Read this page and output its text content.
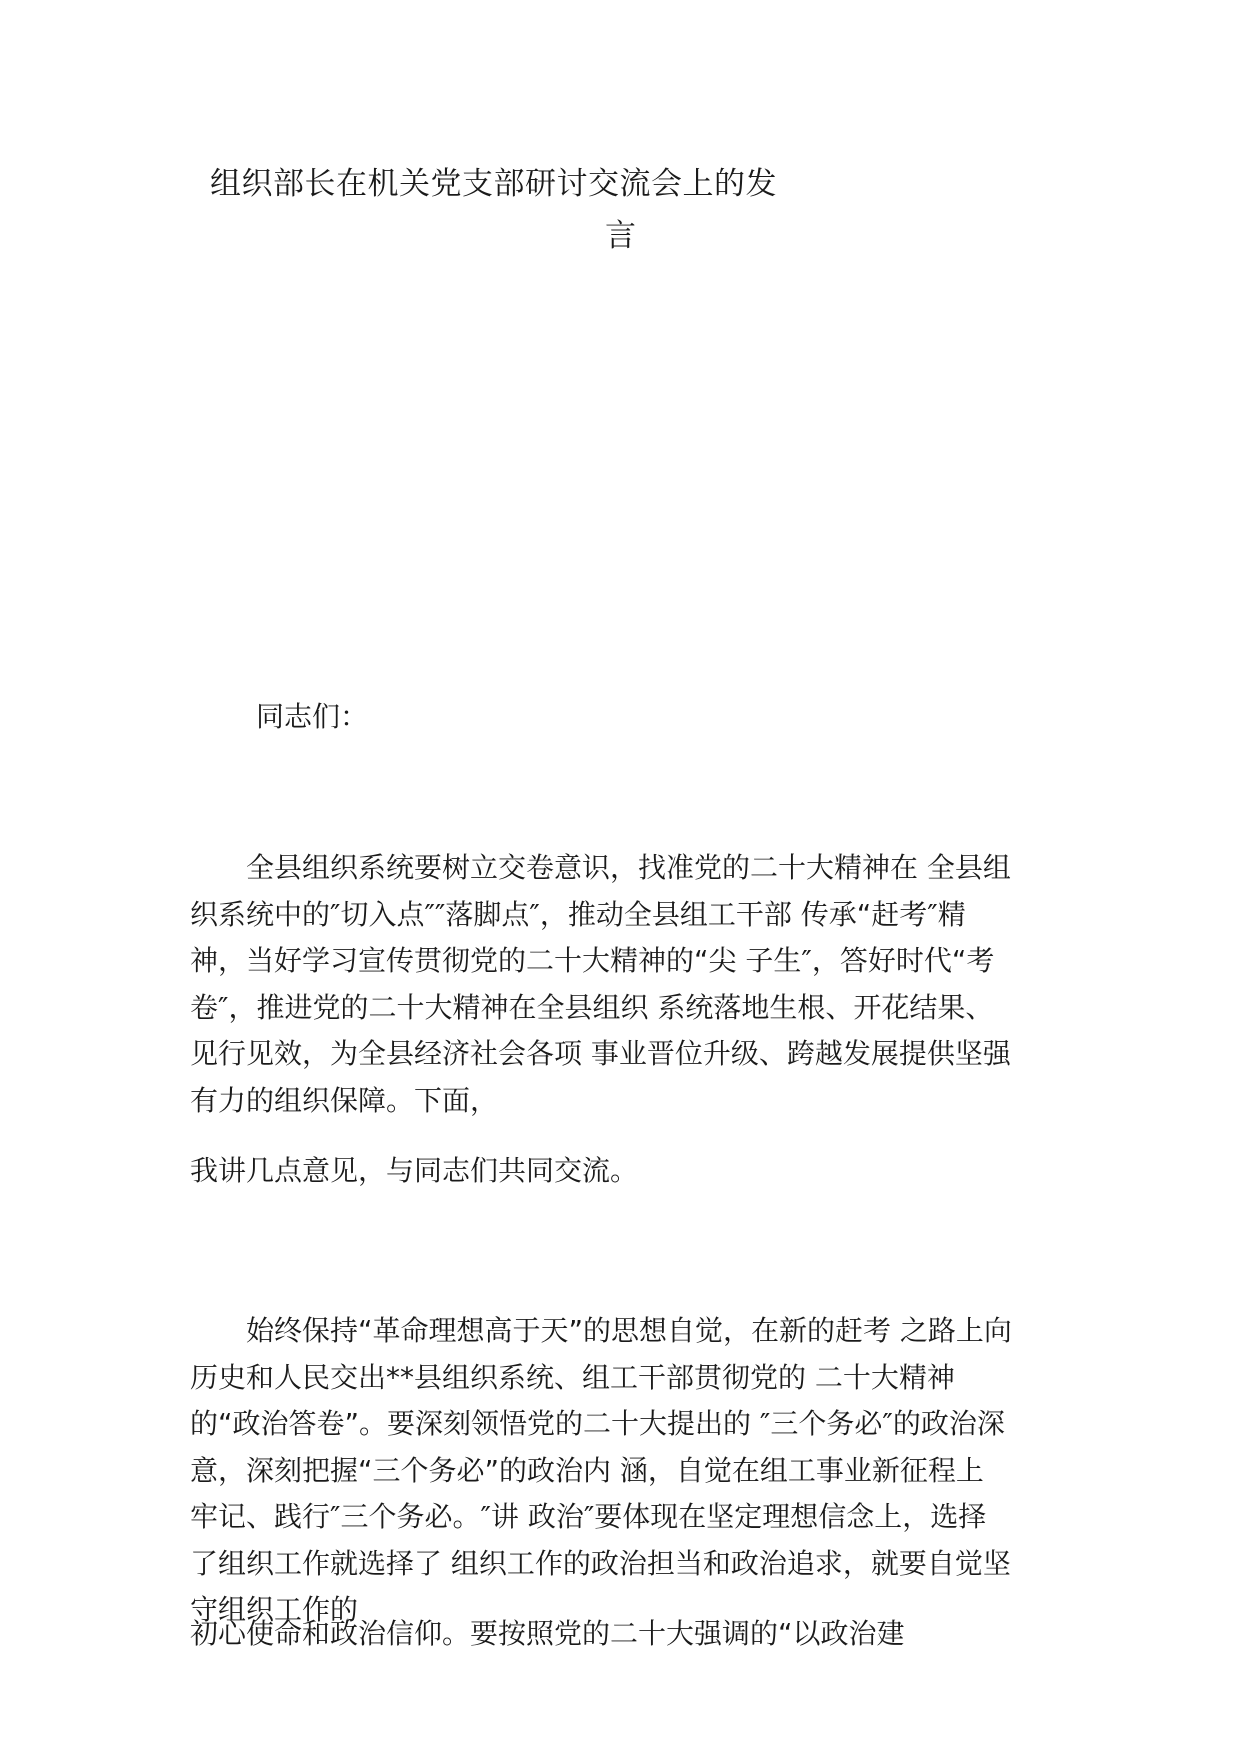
组织部长在机关党支部研讨交流会上的发
言
同志们：
　　全县组织系统要树立交卷意识，找准党的二十大精神在 全县组
织系统中的″切入点″″落脚点″，推动全县组工干部 传承“赶考″精
神，当好学习宣传贯彻党的二十大精神的“尖 子生″，答好时代“考
卷″，推进党的二十大精神在全县组织 系统落地生根、开花结果、
见行见效，为全县经济社会各项 事业晋位升级、跨越发展提供坚强
有力的组织保障。下面，
我讲几点意见，与同志们共同交流。
　　始终保持“革命理想高于天”的思想自觉，在新的赶考 之路上向
历史和人民交出**县组织系统、组工干部贯彻党的 二十大精神
的“政治答卷”。要深刻领悟党的二十大提出的 ″三个务必″的政治深
意，深刻把握“三个务必”的政治内 涵，自觉在组工事业新征程上
牢记、践行″三个务必。″讲 政治″要体现在坚定理想信念上，选择
了组织工作就选择了 组织工作的政治担当和政治追求，就要自觉坚
守组织工作的
初心使命和政治信仰。要按照党的二十大强调的“以政治建
